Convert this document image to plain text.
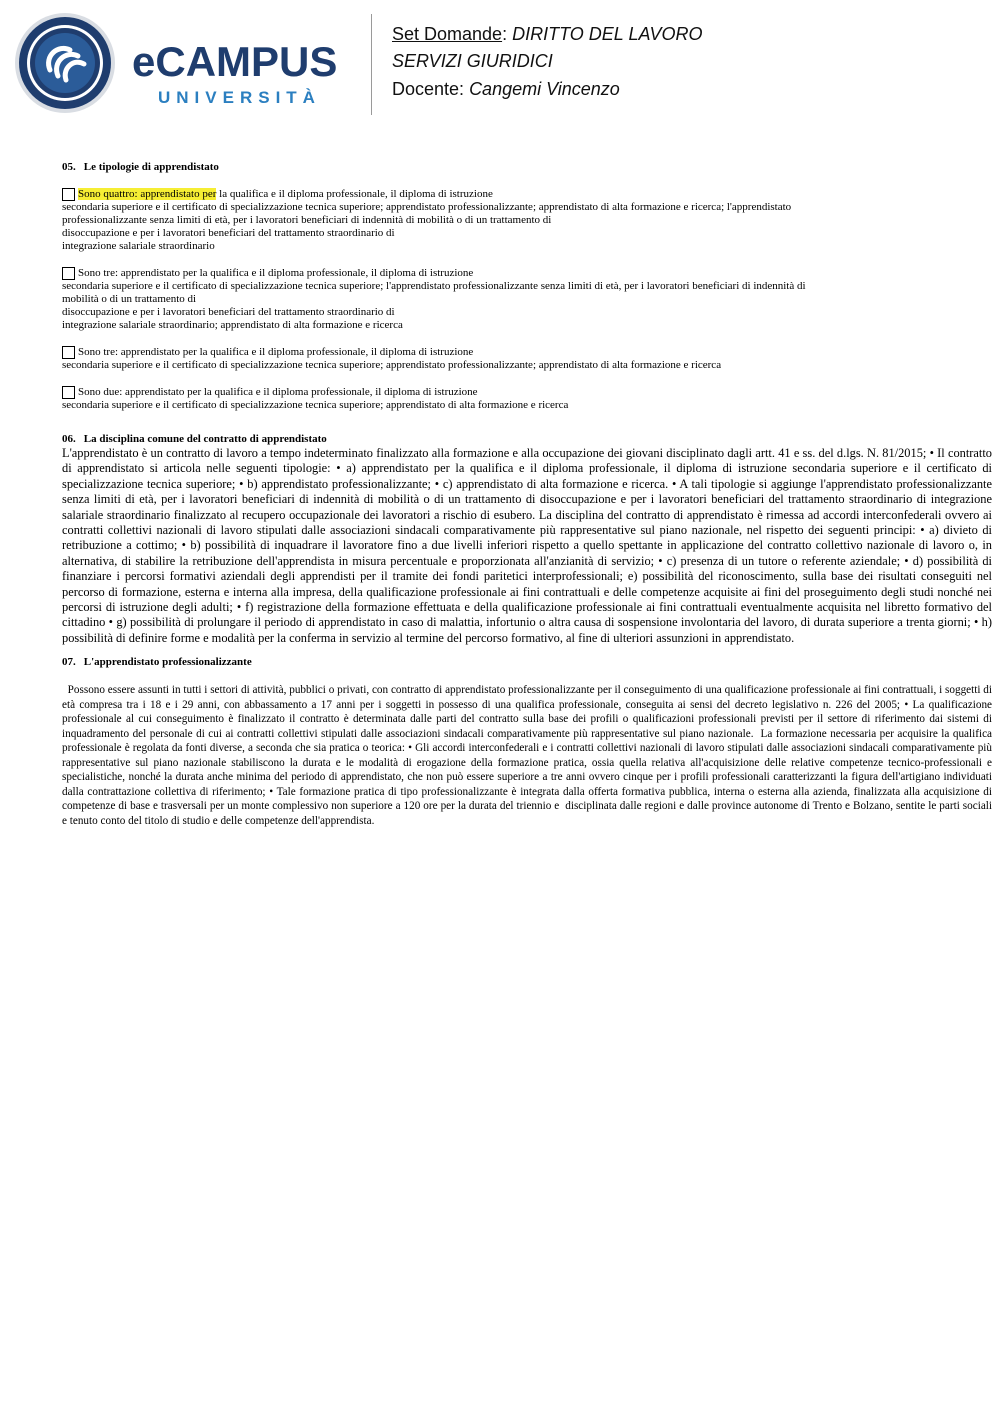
eCAMPUS
UNIVERSITÀ
Set Domande: DIRITTO DEL LAVORO
SERVIZI GIURIDICI
Docente: Cangemi Vincenzo

05. Le tipologie di apprendistato

Sono quattro: apprendistato per la qualifica e il diploma professionale, il diploma di istruzione
secondaria superiore e il certificato di specializzazione tecnica superiore; apprendistato professionalizzante; apprendistato di alta formazione e ricerca; l'apprendistato
professionalizzante senza limiti di età, per i lavoratori beneficiari di indennità di mobilità o di un trattamento di
disoccupazione e per i lavoratori beneficiari del trattamento straordinario di
integrazione salariale straordinario
Sono tre: apprendistato per la qualifica e il diploma professionale, il diploma di istruzione
secondaria superiore e il certificato di specializzazione tecnica superiore; l'apprendistato professionalizzante senza limiti di età, per i lavoratori beneficiari di indennità di
mobilità o di un trattamento di
disoccupazione e per i lavoratori beneficiari del trattamento straordinario di
integrazione salariale straordinario; apprendistato di alta formazione e ricerca
Sono tre: apprendistato per la qualifica e il diploma professionale, il diploma di istruzione
secondaria superiore e il certificato di specializzazione tecnica superiore; apprendistato professionalizzante; apprendistato di alta formazione e ricerca
Sono due: apprendistato per la qualifica e il diploma professionale, il diploma di istruzione
secondaria superiore e il certificato di specializzazione tecnica superiore; apprendistato di alta formazione e ricerca

06. La disciplina comune del contratto di apprendistato

L'apprendistato è un contratto di lavoro a tempo indeterminato finalizzato alla formazione e alla occupazione dei giovani disciplinato dagli artt. 41 e ss. del d.lgs. N. 81/2015; • Il contratto di apprendistato si articola nelle seguenti tipologie: • a) apprendistato per la qualifica e il diploma professionale, il diploma di istruzione secondaria superiore e il certificato di specializzazione tecnica superiore; • b) apprendistato professionalizzante; • c) apprendistato di alta formazione e ricerca. • A tali tipologie si aggiunge l'apprendistato professionalizzante senza limiti di età, per i lavoratori beneficiari di indennità di mobilità o di un trattamento di disoccupazione e per i lavoratori beneficiari del trattamento straordinario di integrazione salariale straordinario finalizzato al recupero occupazionale dei lavoratori a rischio di esubero. La disciplina del contratto di apprendistato è rimessa ad accordi interconfederali ovvero ai contratti collettivi nazionali di lavoro stipulati dalle associazioni sindacali comparativamente più rappresentative sul piano nazionale, nel rispetto dei seguenti principi: • a) divieto di retribuzione a cottimo; • b) possibilità di inquadrare il lavoratore fino a due livelli inferiori rispetto a quello spettante in applicazione del contratto collettivo nazionale di lavoro o, in alternativa, di stabilire la retribuzione dell'apprendista in misura percentuale e proporzionata all'anzianità di servizio; • c) presenza di un tutore o referente aziendale; • d) possibilità di finanziare i percorsi formativi aziendali degli apprendisti per il tramite dei fondi paritetici interprofessionali; e) possibilità del riconoscimento, sulla base dei risultati conseguiti nel percorso di formazione, esterna e interna alla impresa, della qualificazione professionale ai fini contrattuali e delle competenze acquisite ai fini del proseguimento degli studi nonché nei percorsi di istruzione degli adulti; • f) registrazione della formazione effettuata e della qualificazione professionale ai fini contrattuali eventualmente acquisita nel libretto formativo del cittadino • g) possibilità di prolungare il periodo di apprendistato in caso di malattia, infortunio o altra causa di sospensione involontaria del lavoro, di durata superiore a trenta giorni; • h) possibilità di definire forme e modalità per la conferma in servizio al termine del percorso formativo, al fine di ulteriori assunzioni in apprendistato.

07. L'apprendistato professionalizzante

Possono essere assunti in tutti i settori di attività, pubblici o privati, con contratto di apprendistato professionalizzante per il conseguimento di una qualificazione professionale ai fini contrattuali, i soggetti di età compresa tra i 18 e i 29 anni, con abbassamento a 17 anni per i soggetti in possesso di una qualifica professionale, conseguita ai sensi del decreto legislativo n. 226 del 2005; • La qualificazione professionale al cui conseguimento è finalizzato il contratto è determinata dalle parti del contratto sulla base dei profili o qualificazioni professionali previsti per il settore di riferimento dai sistemi di inquadramento del personale di cui ai contratti collettivi stipulati dalle associazioni sindacali comparativamente più rappresentative sul piano nazionale.  La formazione necessaria per acquisire la qualifica professionale è regolata da fonti diverse, a seconda che sia pratica o teorica: • Gli accordi interconfederali e i contratti collettivi nazionali di lavoro stipulati dalle associazioni sindacali comparativamente più rappresentative sul piano nazionale stabiliscono la durata e le modalità di erogazione della formazione pratica, ossia quella relativa all'acquisizione delle relative competenze tecnico-professionali e specialistiche, nonché la durata anche minima del periodo di apprendistato, che non può essere superiore a tre anni ovvero cinque per i profili professionali caratterizzanti la figura dell'artigiano individuati dalla contrattazione collettiva di riferimento; • Tale formazione pratica di tipo professionalizzante è integrata dalla offerta formativa pubblica, interna o esterna alla azienda, finalizzata alla acquisizione di competenze di base e trasversali per un monte complessivo non superiore a 120 ore per la durata del triennio e  disciplinata dalle regioni e dalle province autonome di Trento e Bolzano, sentite le parti sociali e tenuto conto del titolo di studio e delle competenze dell'apprendista.
